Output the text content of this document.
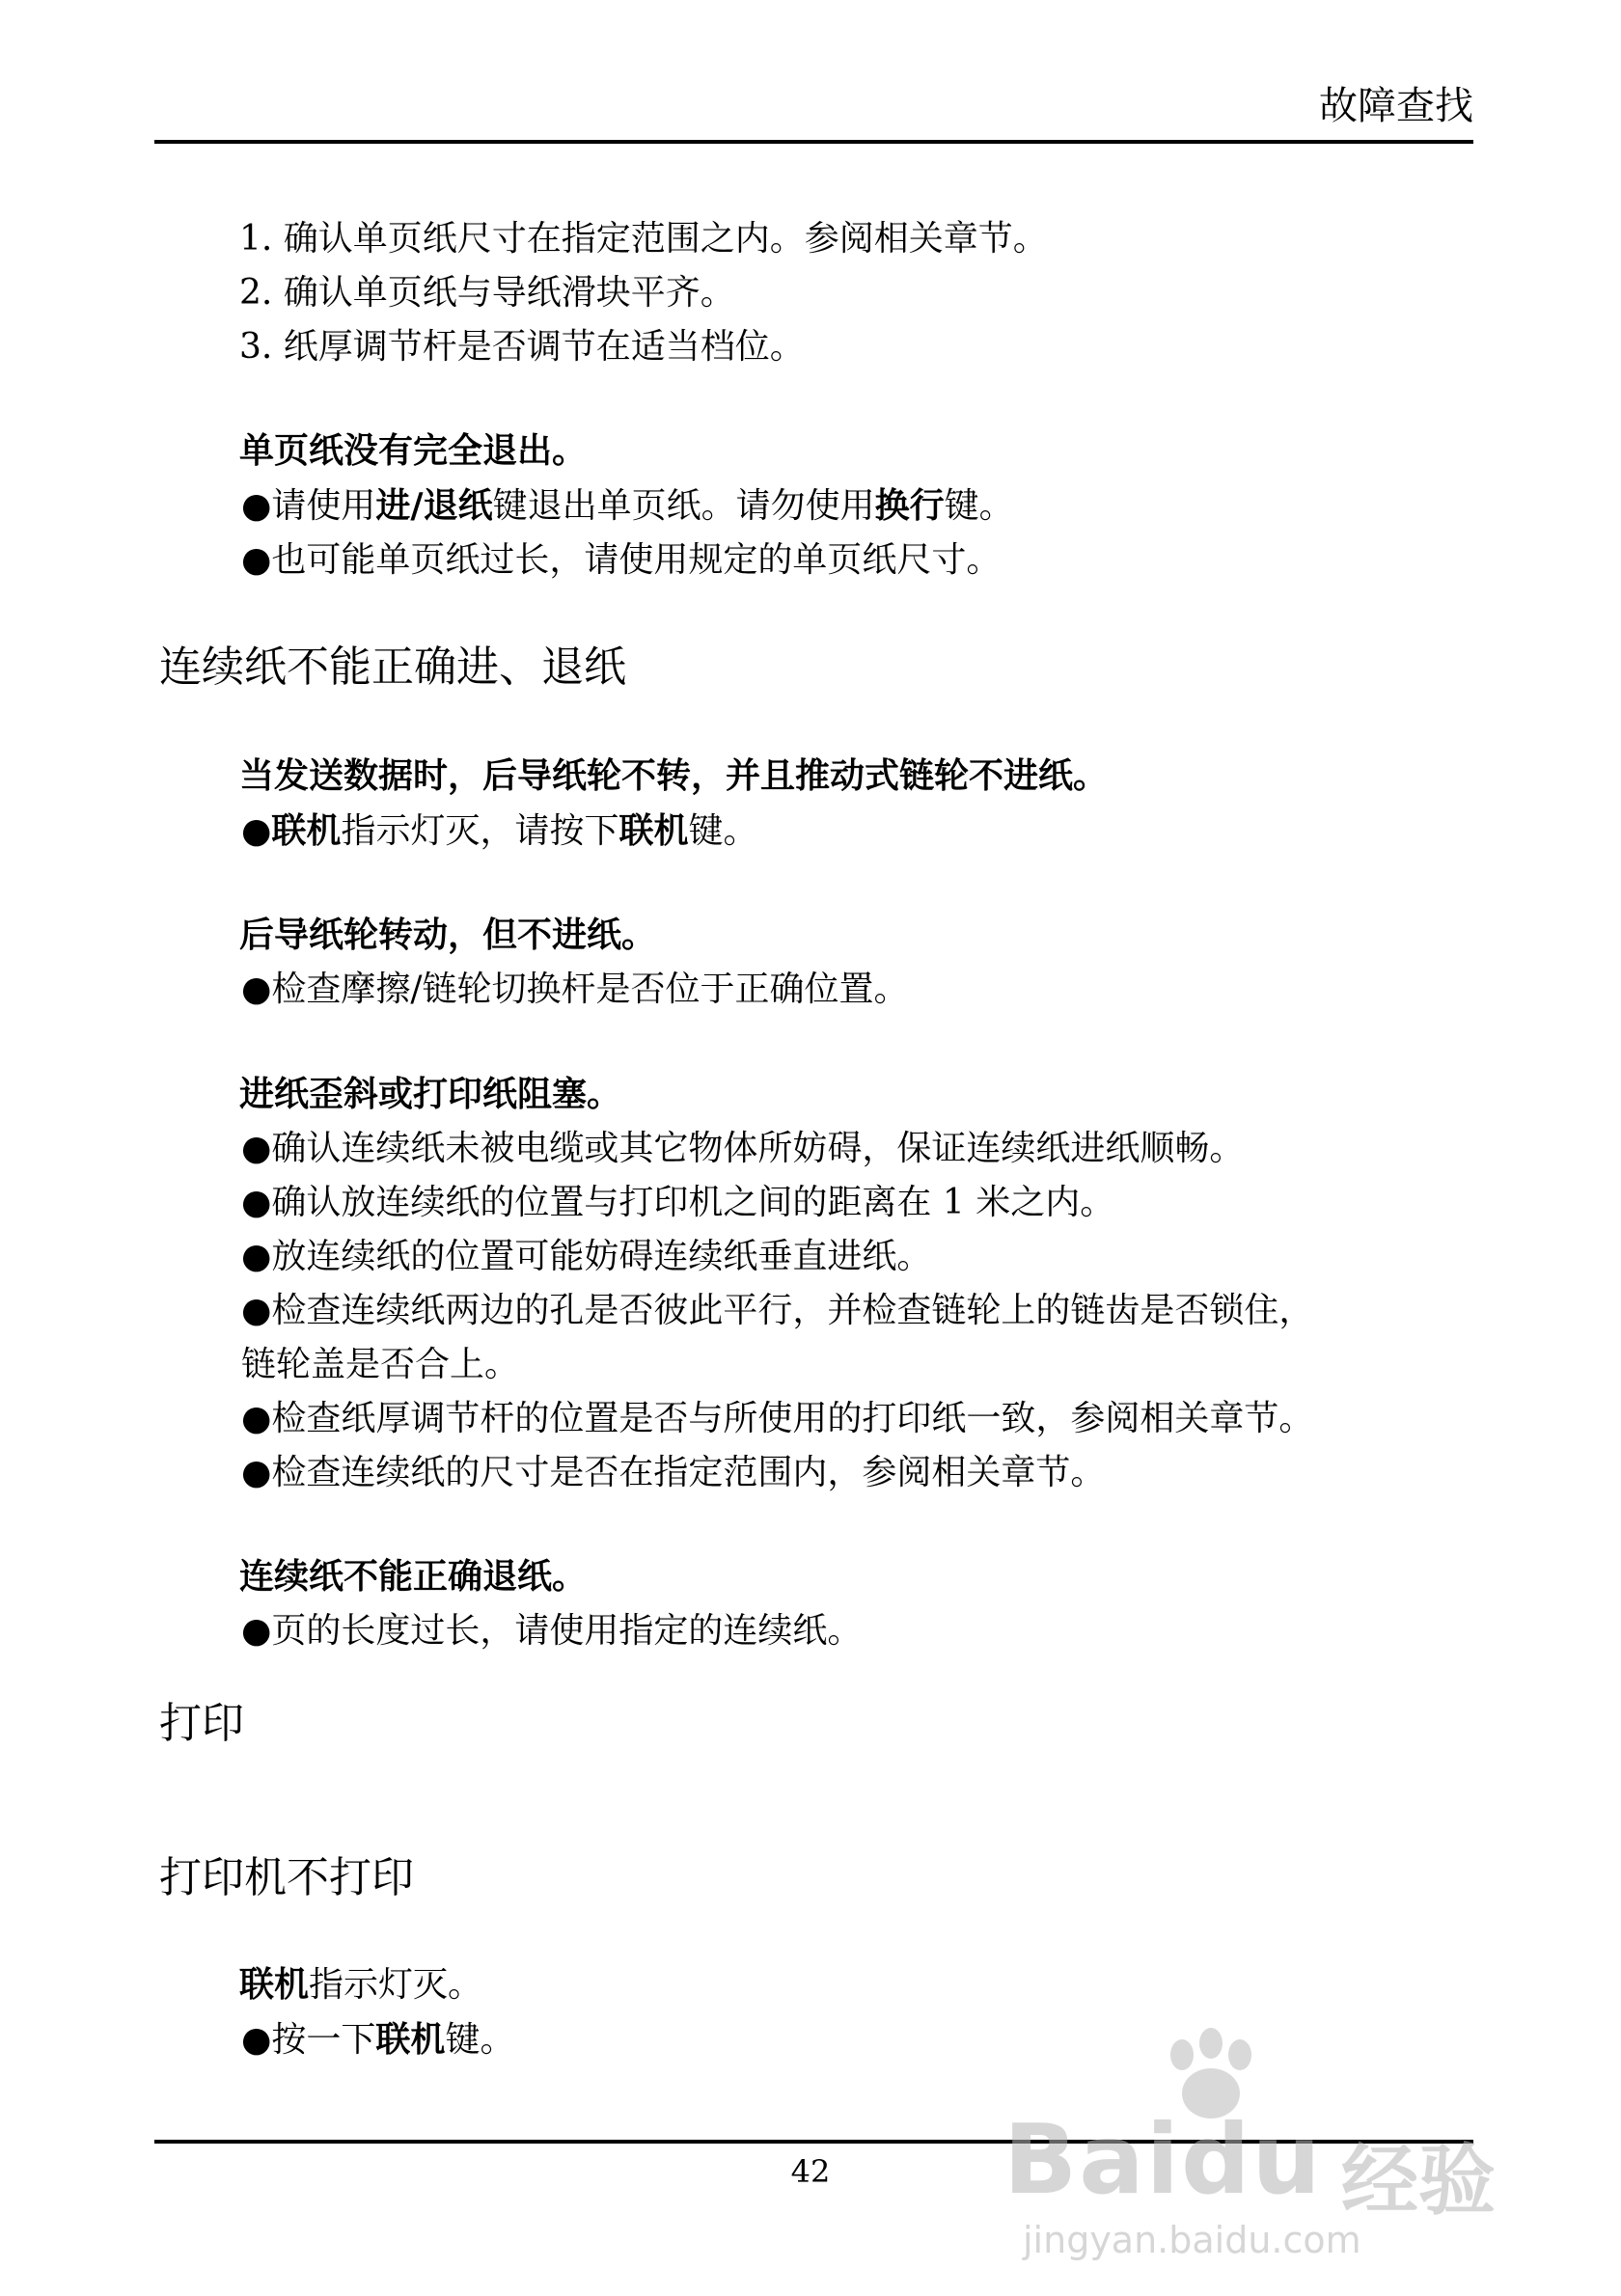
故障查找
1. 确认单页纸尺寸在指定范围之内。参阅相关章节。
2. 确认单页纸与导纸滑块平齐。
3. 纸厚调节杆是否调节在适当档位。
单页纸没有完全退出。
●请使用进/退纸键退出单页纸。请勿使用换行键。
●也可能单页纸过长，请使用规定的单页纸尺寸。
连续纸不能正确进、退纸
当发送数据时，后导纸轮不转，并且推动式链轮不进纸。
●联机指示灯灭，请按下联机键。
后导纸轮转动，但不进纸。
●检查摩擦/链轮切换杆是否位于正确位置。
进纸歪斜或打印纸阻塞。
●确认连续纸未被电缆或其它物体所妨碍，保证连续纸进纸顺畅。
●确认放连续纸的位置与打印机之间的距离在 1 米之内。
●放连续纸的位置可能妨碍连续纸垂直进纸。
●检查连续纸两边的孔是否彼此平行，并检查链轮上的链齿是否锁住，
链轮盖是否合上。
●检查纸厚调节杆的位置是否与所使用的打印纸一致，参阅相关章节。
●检查连续纸的尺寸是否在指定范围内，参阅相关章节。
连续纸不能正确退纸。
●页的长度过长，请使用指定的连续纸。
打印
打印机不打印
联机指示灯灭。
●按一下联机键。
42	Baidu 经验
jingyan.baidu.com
